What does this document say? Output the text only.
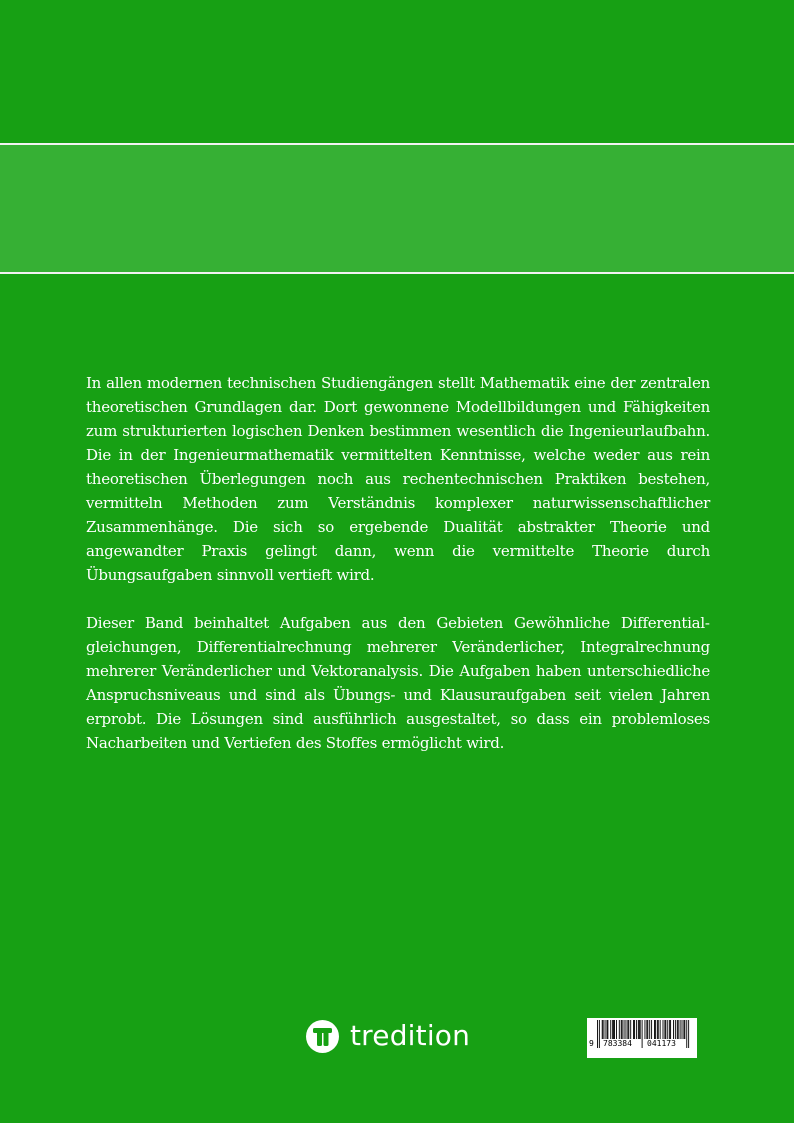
In allen modernen technischen Studiengängen stellt Mathematik eine der zentralen theoretischen Grundlagen dar. Dort gewonnene Modellbildungen und Fähigkeiten zum strukturierten logischen Denken bestimmen wesentlich die Ingenieurlaufbahn. Die in der Ingenieurmathematik vermittelten Kenntnisse, welche weder aus rein theoretischen Überlegungen noch aus rechentechnischen Praktiken bestehen, vermitteln Methoden zum Verständnis komplexer naturwissenschaftlicher Zusammenhänge. Die sich so ergebende Dualität abstrakter Theorie und angewandter Praxis gelingt dann, wenn die vermittelte Theorie durch Übungsaufgaben sinnvoll vertieft wird.

Dieser Band beinhaltet Aufgaben aus den Gebieten Gewöhnliche Differentialgleichungen, Differentialrechnung mehrerer Veränderlicher, Integralrechnung mehrerer Veränderlicher und Vektoranalysis. Die Aufgaben haben unterschiedliche Anspruchsniveaus und sind als Übungs- und Klausuraufgaben seit vielen Jahren erprobt. Die Lösungen sind ausführlich ausgestaltet, so dass ein problemloses Nacharbeiten und Vertiefen des Stoffes ermöglicht wird.

tredition	9 783384 041173
